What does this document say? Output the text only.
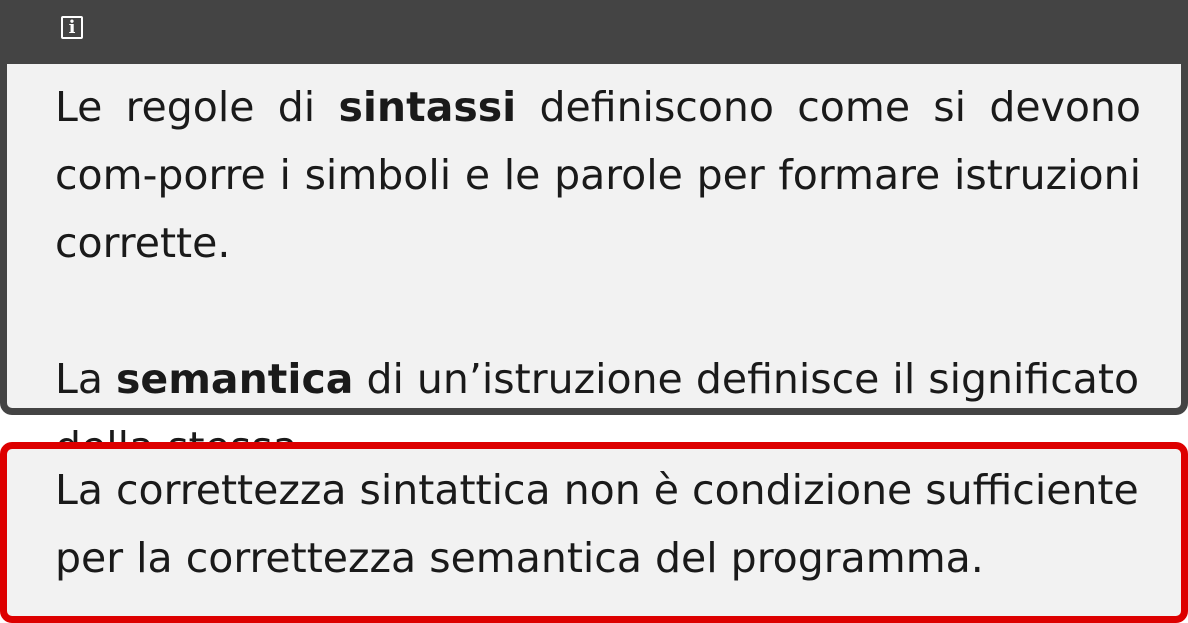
i

Le regole di sintassi definiscono come si devono com-porre i simboli e le parole per formare istruzioni corrette.

La semantica di un’istruzione definisce il significato

La correttezza sintattica non è condizione sufficiente per la correttezza semantica del programma.
